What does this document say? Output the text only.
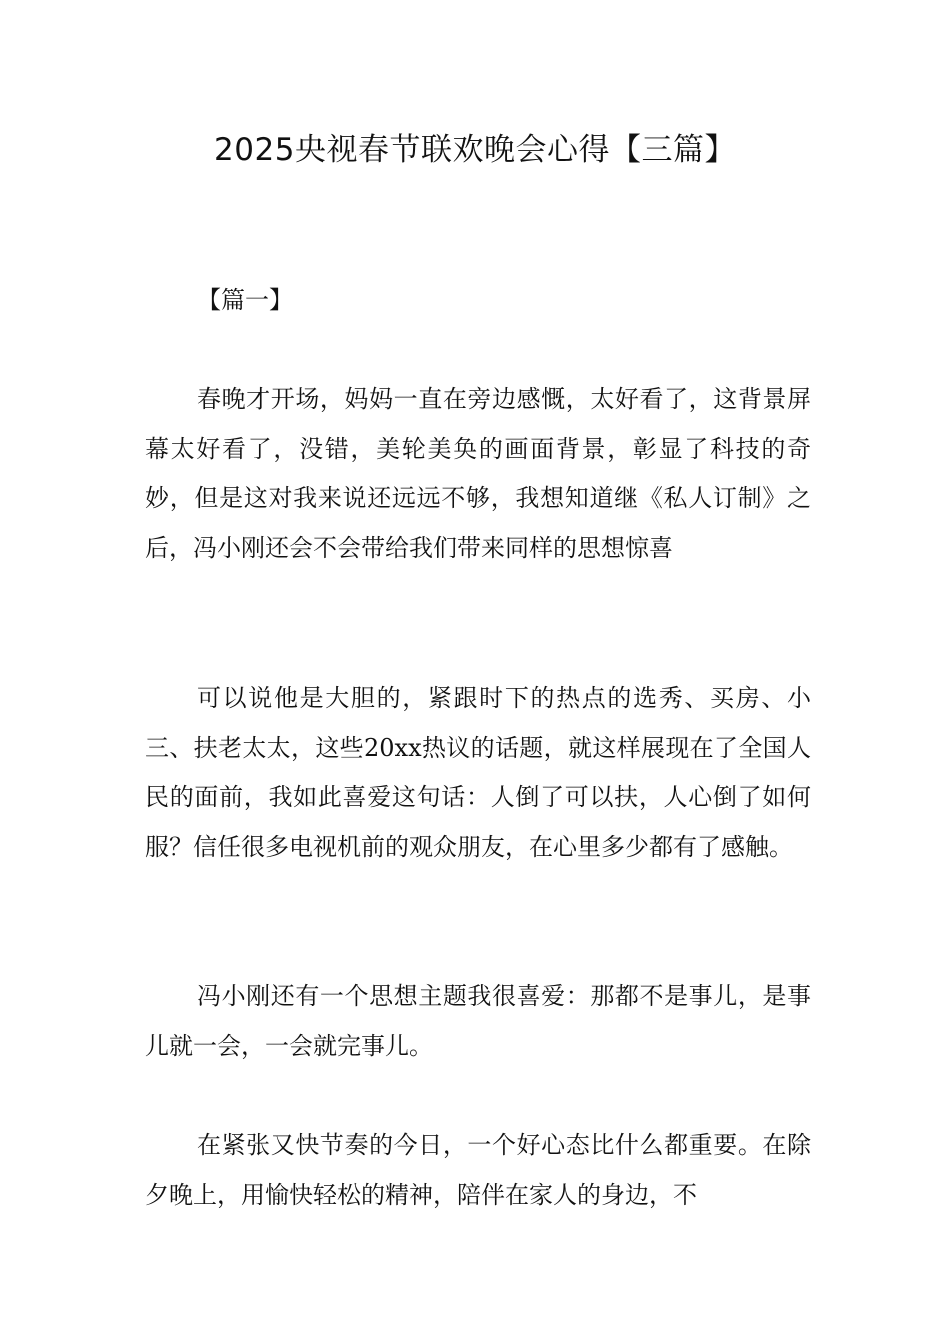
2025央视春节联欢晚会心得【三篇】
【篇一】

春晚才开场，妈妈一直在旁边感慨，太好看了，这背景屏幕太好看了，没错，美轮美奂的画面背景，彰显了科技的奇妙，但是这对我来说还远远不够，我想知道继《私人订制》之后，冯小刚还会不会带给我们带来同样的思想惊喜

可以说他是大胆的，紧跟时下的热点的选秀、买房、小三、扶老太太，这些20xx热议的话题，就这样展现在了全国人民的面前，我如此喜爱这句话：人倒了可以扶，人心倒了如何服？信任很多电视机前的观众朋友，在心里多少都有了感触。

冯小刚还有一个思想主题我很喜爱：那都不是事儿，是事儿就一会，一会就完事儿。

在紧张又快节奏的今日，一个好心态比什么都重要。在除夕晚上，用愉快轻松的精神，陪伴在家人的身边，不
